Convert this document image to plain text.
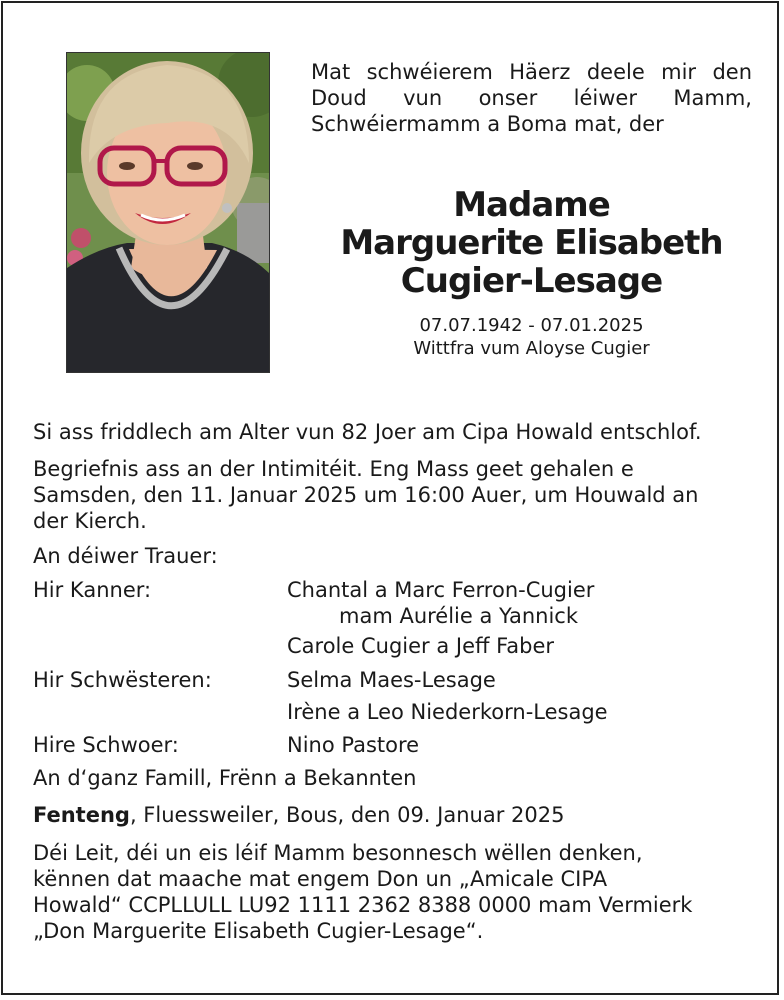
Mat schwéierem Häerz deele mir den
Doud vun onser léiwer Mamm,
Schwéiermamm a Boma mat, der
Madame
Marguerite Elisabeth
Cugier-Lesage
07.07.1942 - 07.01.2025
Wittfra vum Aloyse Cugier
Si ass friddlech am Alter vun 82 Joer am Cipa Howald entschlof.
Begriefnis ass an der Intimitéit. Eng Mass geet gehalen e
Samsden, den 11. Januar 2025 um 16:00 Auer, um Houwald an
der Kierch.
An déiwer Trauer:
Hir Kanner:	Chantal a Marc Ferron-Cugier
mam Aurélie a Yannick
Carole Cugier a Jeff Faber
Hir Schwësteren:	Selma Maes-Lesage
Irène a Leo Niederkorn-Lesage
Hire Schwoer:	Nino Pastore
An d‘ganz Famill, Frënn a Bekannten
Fenteng, Fluessweiler, Bous, den 09. Januar 2025
Déi Leit, déi un eis léif Mamm besonnesch wëllen denken,
kënnen dat maache mat engem Don un „Amicale CIPA
Howald“ CCPLLULL LU92 1111 2362 8388 0000 mam Vermierk
„Don Marguerite Elisabeth Cugier-Lesage“.
